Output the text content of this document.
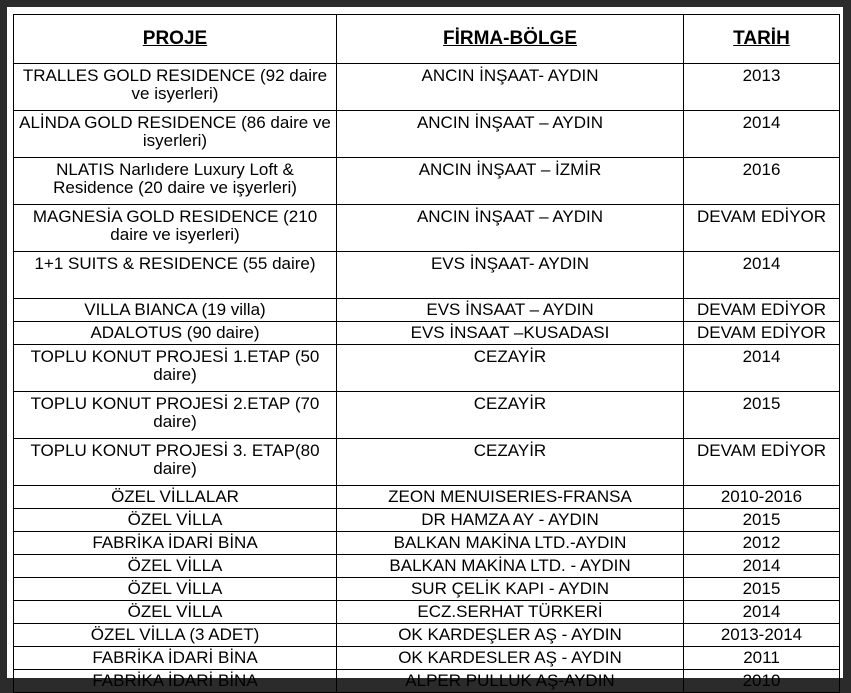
PROJE	FİRMA-BÖLGE	TARİH
TRALLES GOLD RESIDENCE (92 daire ve isyerleri)	ANCIN İNŞAAT- AYDIN	2013
ALİNDA GOLD RESIDENCE (86 daire ve isyerleri)	ANCIN İNŞAAT – AYDIN	2014
NLATIS Narlıdere Luxury Loft & Residence (20 daire ve işyerleri)	ANCIN İNŞAAT – İZMİR	2016
MAGNESİA GOLD RESIDENCE (210 daire ve isyerleri)	ANCIN İNŞAAT – AYDIN	DEVAM EDİYOR
1+1 SUITS & RESIDENCE (55 daire)	EVS İNŞAAT- AYDIN	2014
VILLA BIANCA (19 villa)	EVS İNSAAT – AYDIN	DEVAM EDİYOR
ADALOTUS (90 daire)	EVS İNSAAT –KUSADASI	DEVAM EDİYOR
TOPLU KONUT PROJESİ 1.ETAP (50 daire)	CEZAYİR	2014
TOPLU KONUT PROJESİ 2.ETAP (70 daire)	CEZAYİR	2015
TOPLU KONUT PROJESİ 3. ETAP(80 daire)	CEZAYİR	DEVAM EDİYOR
ÖZEL VİLLALAR	ZEON MENUISERIES-FRANSA	2010-2016
ÖZEL VİLLA	DR HAMZA AY - AYDIN	2015
FABRİKA İDARİ BİNA	BALKAN MAKİNA LTD.-AYDIN	2012
ÖZEL VİLLA	BALKAN MAKİNA LTD. - AYDIN	2014
ÖZEL VİLLA	SUR ÇELİK KAPI - AYDIN	2015
ÖZEL VİLLA	ECZ.SERHAT TÜRKERİ	2014
ÖZEL VİLLA (3 ADET)	OK KARDEŞLER AŞ - AYDIN	2013-2014
FABRİKA İDARİ BİNA	OK KARDESLER AŞ - AYDIN	2011
FABRİKA İDARİ BİNA	ALPER PULLUK AŞ-AYDIN	2010
